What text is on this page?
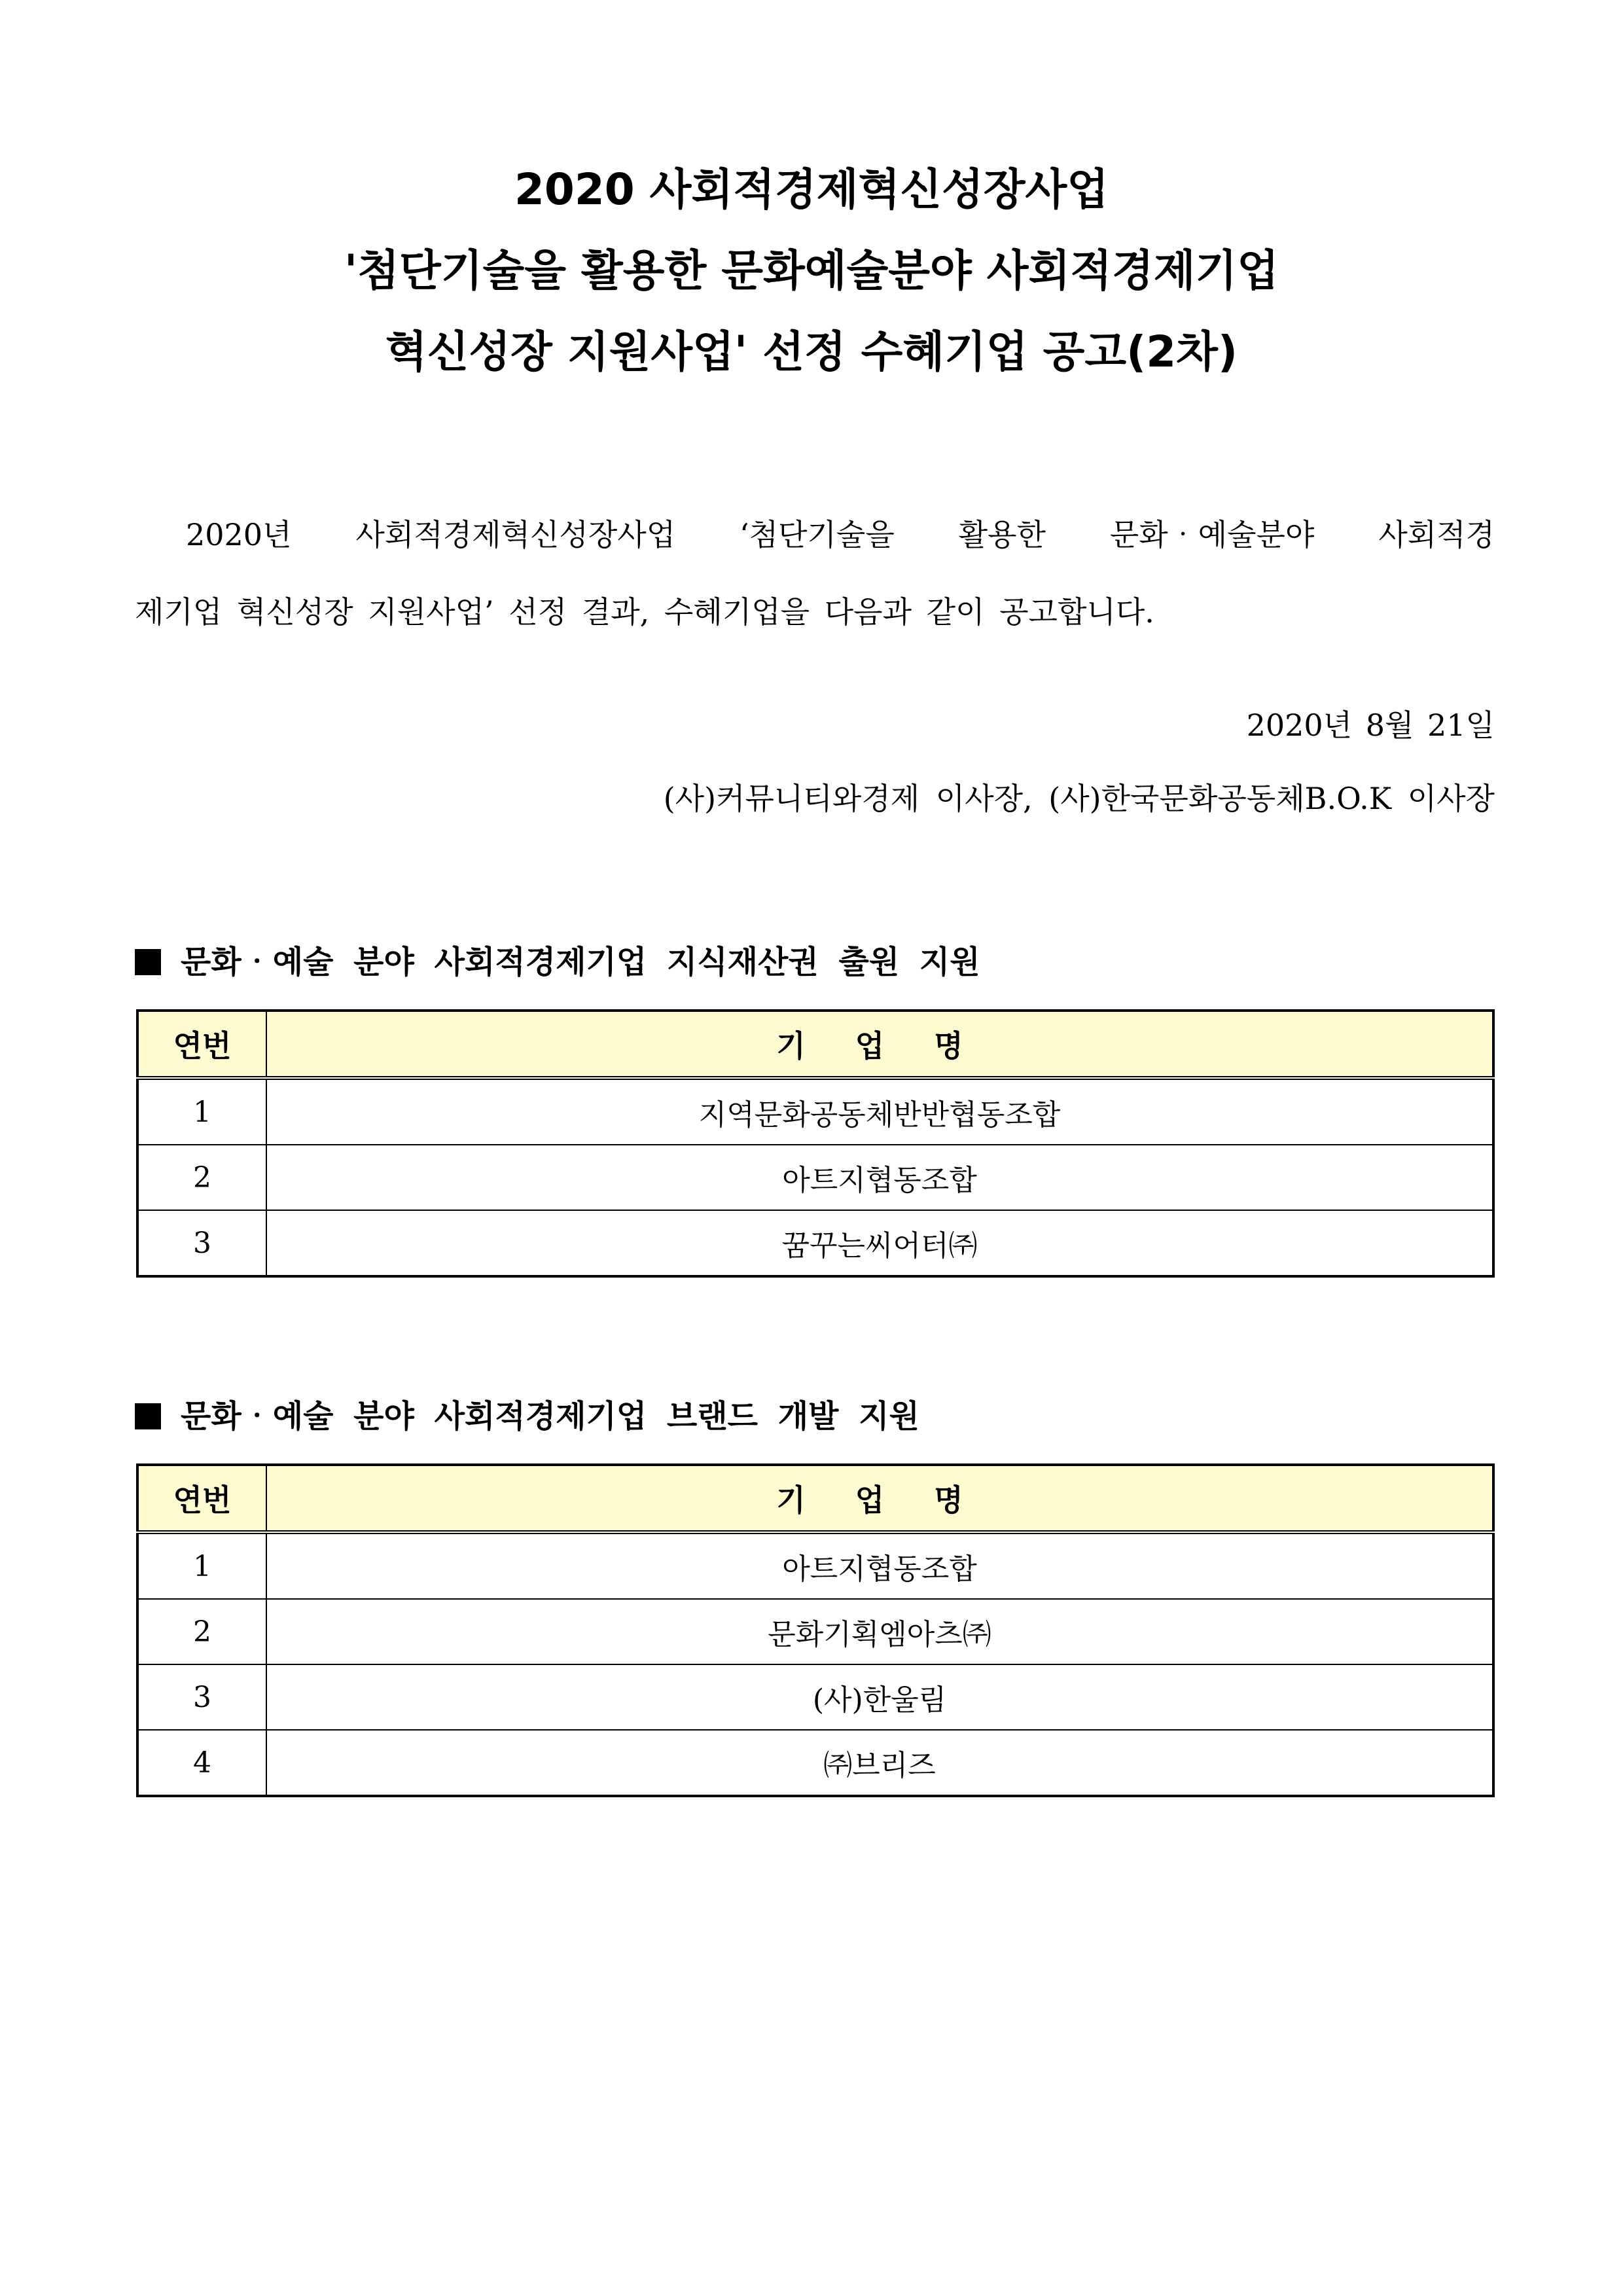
2020 사회적경제혁신성장사업
'첨단기술을 활용한 문화예술분야 사회적경제기업
혁신성장 지원사업' 선정 수혜기업 공고(2차)
2020년 사회적경제혁신성장사업 ‘첨단기술을 활용한 문화‧예술분야 사회적경
제기업 혁신성장 지원사업’ 선정 결과, 수혜기업을 다음과 같이 공고합니다.
2020년 8월 21일
(사)커뮤니티와경제 이사장, (사)한국문화공동체B.O.K 이사장
문화‧예술 분야 사회적경제기업 지식재산권 출원 지원
연번	기 업 명
1	지역문화공동체반반협동조합
2	아트지협동조합
3	꿈꾸는씨어터㈜
문화‧예술 분야 사회적경제기업 브랜드 개발 지원
연번	기 업 명
1	아트지협동조합
2	문화기획엠아츠㈜
3	(사)한울림
4	㈜브리즈
